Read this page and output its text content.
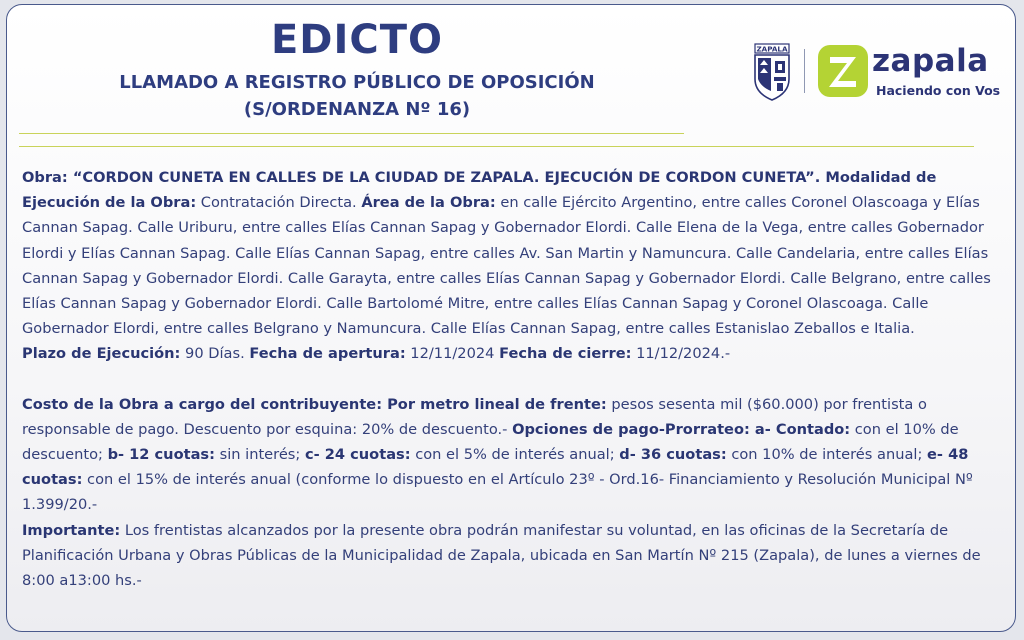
EDICTO
LLAMADO A REGISTRO PÚBLICO DE OPOSICIÓN
(S/ORDENANZA Nº 16)
ZAPALA	zapala
Haciendo con Vos

Obra: “CORDON CUNETA EN CALLES DE LA CIUDAD DE ZAPALA. EJECUCIÓN DE CORDON CUNETA”. Modalidad de Ejecución de la Obra: Contratación Directa. Área de la Obra: en calle Ejército Argentino, entre calles Coronel Olascoaga y Elías Cannan Sapag. Calle Uriburu, entre calles Elías Cannan Sapag y Gobernador Elordi. Calle Elena de la Vega, entre calles Gobernador Elordi y Elías Cannan Sapag. Calle Elías Cannan Sapag, entre calles Av. San Martin y Namuncura. Calle Candelaria, entre calles Elías Cannan Sapag y Gobernador Elordi. Calle Garayta, entre calles Elías Cannan Sapag y Gobernador Elordi. Calle Belgrano, entre calles Elías Cannan Sapag y Gobernador Elordi. Calle Bartolomé Mitre, entre calles Elías Cannan Sapag y Coronel Olascoaga. Calle Gobernador Elordi, entre calles Belgrano y Namuncura. Calle Elías Cannan Sapag, entre calles Estanislao Zeballos e Italia.

Plazo de Ejecución: 90 Días. Fecha de apertura: 12/11/2024 Fecha de cierre: 11/12/2024.-

Costo de la Obra a cargo del contribuyente: Por metro lineal de frente: pesos sesenta mil ($60.000) por frentista o responsable de pago. Descuento por esquina: 20% de descuento.- Opciones de pago-Prorrateo: a- Contado: con el 10% de descuento; b- 12 cuotas: sin interés; c- 24 cuotas: con el 5% de interés anual; d- 36 cuotas: con 10% de interés anual; e- 48 cuotas: con el 15% de interés anual (conforme lo dispuesto en el Artículo 23º - Ord.16- Financiamiento y Resolución Municipal Nº 1.399/20.-

Importante: Los frentistas alcanzados por la presente obra podrán manifestar su voluntad, en las oficinas de la Secretaría de Planificación Urbana y Obras Públicas de la Municipalidad de Zapala, ubicada en San Martín Nº 215 (Zapala), de lunes a viernes de 8:00 a13:00 hs.-
